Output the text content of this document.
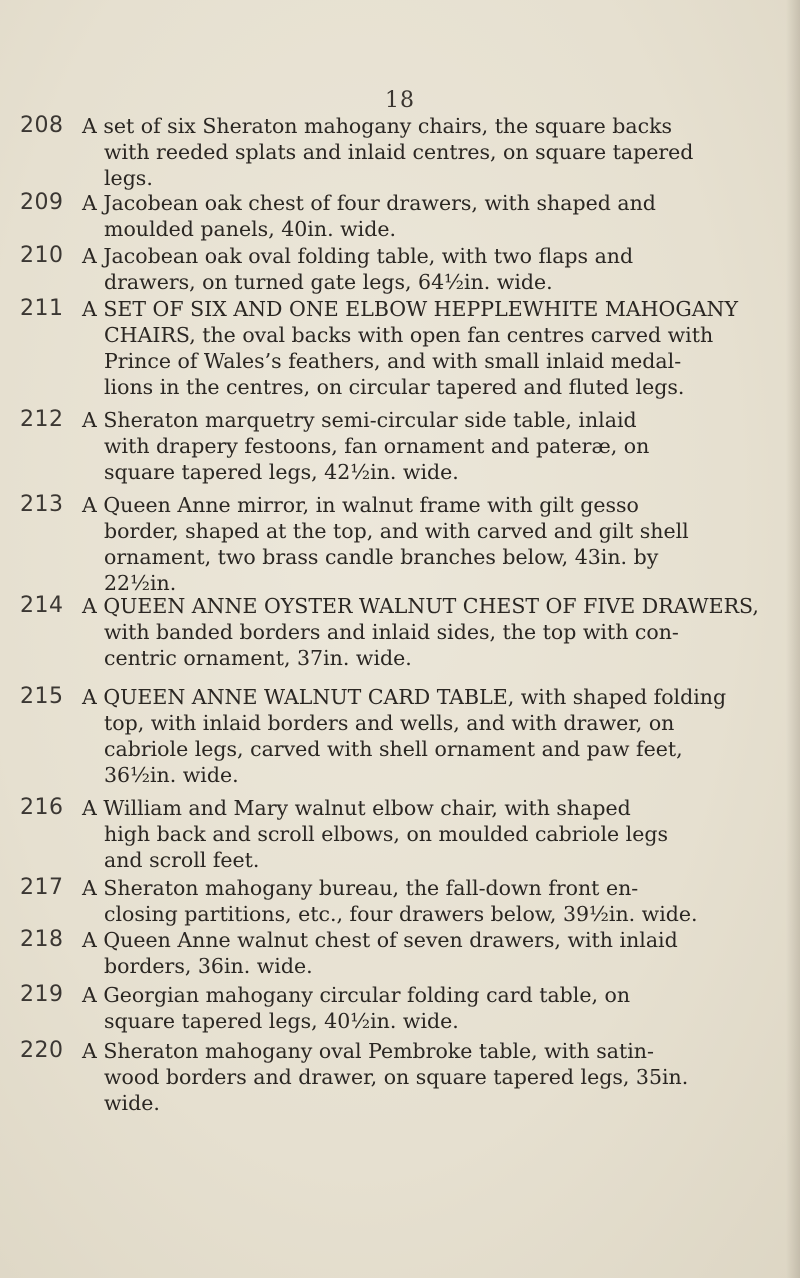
18
208 A set of six Sheraton mahogany chairs, the square backs
with reeded splats and inlaid centres, on square tapered
legs.
209 A Jacobean oak chest of four drawers, with shaped and
moulded panels, 40in. wide.
210 A Jacobean oak oval folding table, with two flaps and
drawers, on turned gate legs, 64½in. wide.
211 A SET OF SIX AND ONE ELBOW HEPPLEWHITE MAHOGANY
CHAIRS, the oval backs with open fan centres carved with
Prince of Wales’s feathers, and with small inlaid medal-
lions in the centres, on circular tapered and fluted legs.
212 A Sheraton marquetry semi-circular side table, inlaid
with drapery festoons, fan ornament and pateræ, on
square tapered legs, 42½in. wide.
213 A Queen Anne mirror, in walnut frame with gilt gesso
border, shaped at the top, and with carved and gilt shell
ornament, two brass candle branches below, 43in. by
22½in.
214 A QUEEN ANNE OYSTER WALNUT CHEST OF FIVE DRAWERS,
with banded borders and inlaid sides, the top with con-
centric ornament, 37in. wide.
215 A QUEEN ANNE WALNUT CARD TABLE, with shaped folding
top, with inlaid borders and wells, and with drawer, on
cabriole legs, carved with shell ornament and paw feet,
36½in. wide.
216 A William and Mary walnut elbow chair, with shaped
high back and scroll elbows, on moulded cabriole legs
and scroll feet.
217 A Sheraton mahogany bureau, the fall-down front en-
closing partitions, etc., four drawers below, 39½in. wide.
218 A Queen Anne walnut chest of seven drawers, with inlaid
borders, 36in. wide.
219 A Georgian mahogany circular folding card table, on
square tapered legs, 40½in. wide.
220 A Sheraton mahogany oval Pembroke table, with satin-
wood borders and drawer, on square tapered legs, 35in.
wide.
